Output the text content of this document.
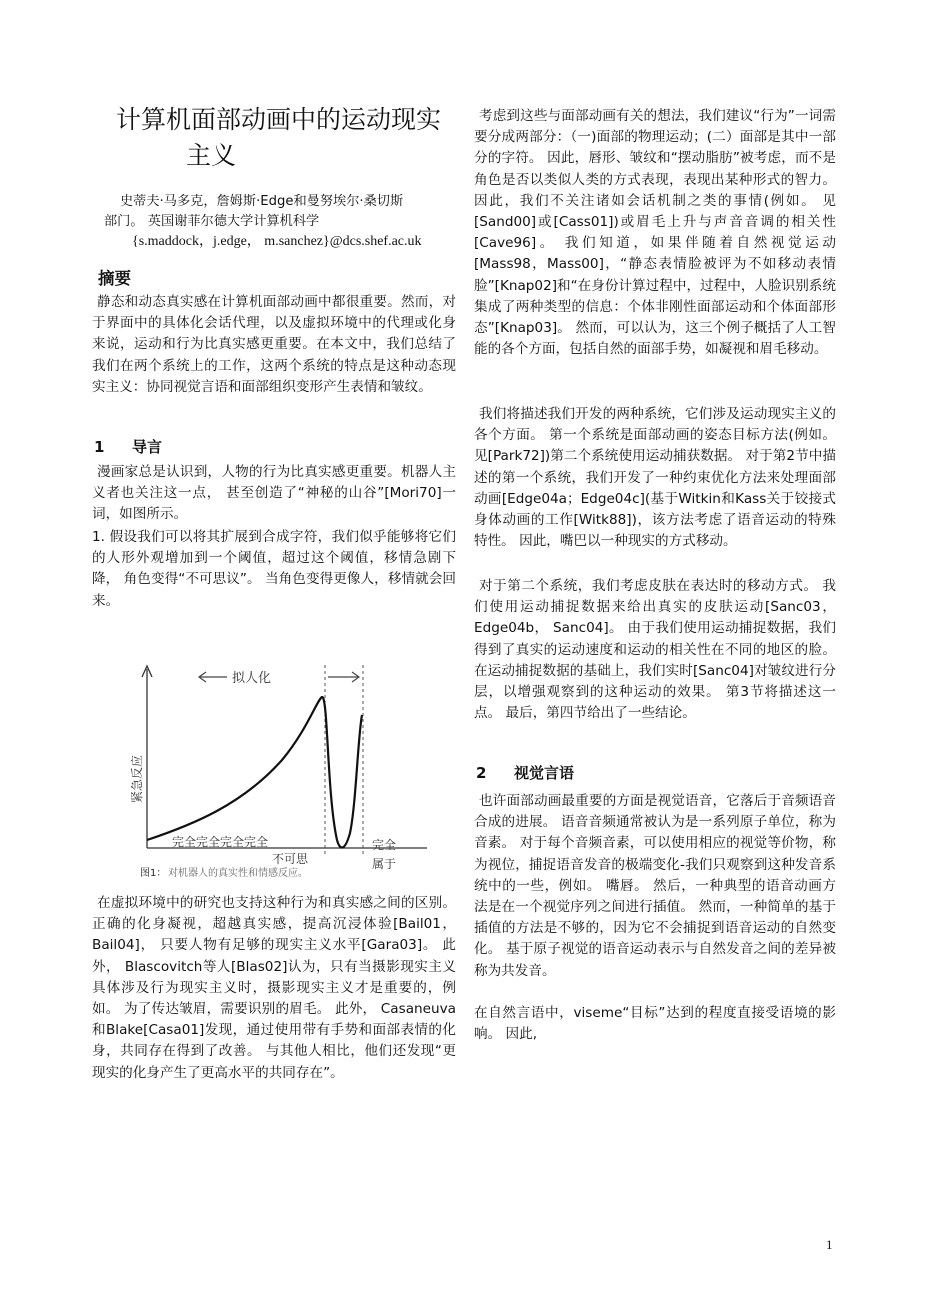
计算机面部动画中的运动现实
主义
史蒂夫·马多克，詹姆斯·Edge和曼努埃尔·桑切斯
部门。 英国谢菲尔德大学计算机科学
{s.maddock，j.edge， m.sanchez}@dcs.shef.ac.uk
摘要

静态和动态真实感在计算机面部动画中都很重要。然而，对于界面中的具体化会话代理，以及虚拟环境中的代理或化身来说，运动和行为比真实感更重要。在本文中，我们总结了我们在两个系统上的工作，这两个系统的特点是这种动态现实主义：协同视觉言语和面部组织变形产生表情和皱纹。

1 导言

漫画家总是认识到，人物的行为比真实感更重要。机器人主义者也关注这一点， 甚至创造了“神秘的山谷”[Mori70]一词，如图所示。

1. 假设我们可以将其扩展到合成字符，我们似乎能够将它们的人形外观增加到一个阈值，超过这个阈值，移情急剧下降， 角色变得“不可思议”。 当角色变得更像人，移情就会回来。

拟人化
紧急反应
完全完全完全完全
不可思
完全
属于
图1： 对机器人的真实性和情感反应。

在虚拟环境中的研究也支持这种行为和真实感之间的区别。 正确的化身凝视，超越真实感，提高沉浸体验[Bail01， Bail04]， 只要人物有足够的现实主义水平[Gara03]。 此外， Blascovitch等人[Blas02]认为，只有当摄影现实主义具体涉及行为现实主义时，摄影现实主义才是重要的，例如。 为了传达皱眉，需要识别的眉毛。 此外， Casaneuva和Blake[Casa01]发现，通过使用带有手势和面部表情的化身，共同存在得到了改善。 与其他人相比，他们还发现“更现实的化身产生了更高水平的共同存在”。

考虑到这些与面部动画有关的想法，我们建议“行为”一词需要分成两部分：（一)面部的物理运动；(二）面部是其中一部分的字符。 因此，唇形、皱纹和“摆动脂肪”被考虑，而不是角色是否以类似人类的方式表现，表现出某种形式的智力。 因此，我们不关注诸如会话机制之类的事情(例如。 见[Sand00]或[Cass01])或眉毛上升与声音音调的相关性[Cave96]。 我们知道，如果伴随着自然视觉运动[Mass98，Mass00]，“静态表情脸被评为不如移动表情脸”[Knap02]和“在身份计算过程中，过程中，人脸识别系统集成了两种类型的信息：个体非刚性面部运动和个体面部形态”[Knap03]。 然而，可以认为，这三个例子概括了人工智能的各个方面，包括自然的面部手势，如凝视和眉毛移动。

我们将描述我们开发的两种系统，它们涉及运动现实主义的各个方面。 第一个系统是面部动画的姿态目标方法(例如。 见[Park72])第二个系统使用运动捕获数据。 对于第2节中描述的第一个系统，我们开发了一种约束优化方法来处理面部动画[Edge04a；Edge04c](基于Witkin和Kass关于铰接式身体动画的工作[Witk88])，该方法考虑了语音运动的特殊特性。 因此，嘴巴以一种现实的方式移动。

对于第二个系统，我们考虑皮肤在表达时的移动方式。 我们使用运动捕捉数据来给出真实的皮肤运动[Sanc03， Edge04b， Sanc04]。 由于我们使用运动捕捉数据，我们得到了真实的运动速度和运动的相关性在不同的地区的脸。 在运动捕捉数据的基础上，我们实时[Sanc04]对皱纹进行分层，以增强观察到的这种运动的效果。 第3节将描述这一点。 最后，第四节给出了一些结论。

2 视觉言语

也许面部动画最重要的方面是视觉语音，它落后于音频语音合成的进展。 语音音频通常被认为是一系列原子单位，称为音素。 对于每个音频音素，可以使用相应的视觉等价物，称为视位，捕捉语音发音的极端变化-我们只观察到这种发音系统中的一些，例如。 嘴唇。 然后，一种典型的语音动画方法是在一个视觉序列之间进行插值。 然而，一种简单的基于插值的方法是不够的，因为它不会捕捉到语音运动的自然变化。 基于原子视觉的语音运动表示与自然发音之间的差异被称为共发音。

在自然言语中，viseme“目标”达到的程度直接受语境的影响。 因此,

1
